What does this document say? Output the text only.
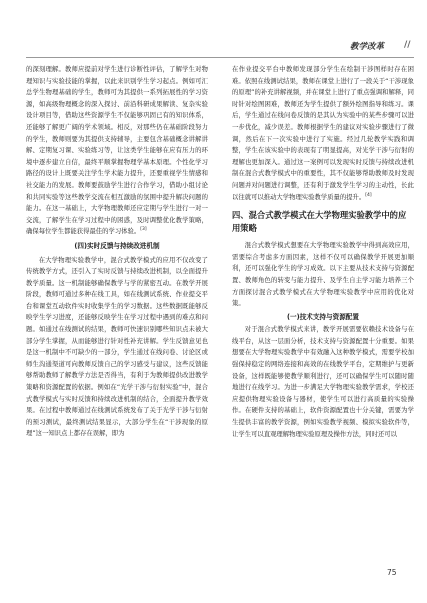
教学改革 //

的深刻理解。教师应提前对学生进行诊断性评估，了解学生对物理知识与实验技能的掌握，以此来识别学生学习起点。例如可汇总学生物理基础的学生，教师可为其提供一系列拓展性的学习资源，如高级物理概念的深入探讨、前沿科研成果解读、复杂实验设计项目等，借助这些资源学生不仅能够巩固已有的知识体系，还能够了解更广阔的学术领域。相反，对那些仍在基础阶段努力的学生，教师则要为其提供支持辅导，主要包含基础概念讲解讲解、定期复习课、实验练习等，让这类学生能够在应有压力的环境中逐步建立自信，最终平顺掌握物理学基本原理。个性化学习路径的设计上既要关注学生学术能力提升，还要重视学生情感和社交能力的发展。教师要鼓励学生进行合作学习，借助小组讨论和共同实验等这些教学交流在相互激励的氛围中提升解决问题的能力。在这一基础上，大学物理教师还应定期与学生进行一对一交流，了解学生在学习过程中的困惑，及时调整优化教学策略，确保每位学生都能获得最佳的学习体验。[3]

(四)实时反馈与持续改进机制

在大学物理实验教学中，混合式教学模式的应用不仅改变了传统教学方式，还引入了实时反馈与持续改进机制，以全面提升教学质量。这一机制能够确保教学与学的紧密互动。在教学开展阶段，教师可通过多种在线工具，如在线测试系统、作业提交平台和课堂互动软件实时收集学生的学习数据。这些数据既能够反映学生学习进度，还能够反映学生在学习过程中遇到的难点和问题。如通过在线测试的结果，教师可快速识别哪些知识点未被大部分学生掌握，从而能够进行针对性补充讲解。学生反馈意见也是这一机制中不可缺少的一部分，学生通过在线问卷、讨论区或师生沟通渠道可向教师反馈自己的学习感受与建议，这些反馈能够帮助教师了解教学方法是否得当，有利于为教师提供改进教学策略和资源配置的依据。例如在“光学干涉与衍射实验”中，混合式教学模式与实时反馈和持续改进机制的结合，全面提升教学效果。在过程中教师通过在线测试系统发布了关于光学干涉与衍射的预习测试，最终测试结果显示，大部分学生在“干涉现象的原理”这一知识点上都存在误解，即为

在作业提交平台中教师发现部分学生在绘制干涉图样时存在困难。依照在线测试结果，教师在课堂上进行了一段关于“干涉现象的原理”的补充讲解视频，并在课堂上进行了重点强调和解释，同时针对绘图困难，教师还为学生提供了额外绘图指导和练习。课后，学生通过在线问卷反馈的是其认为实验中的某些步骤可以进一步优化，减少误差。教师根据学生的建议对实验步骤进行了微调，然后在下一次实验中进行了实施。经过几轮教学实践和调整，学生在该实验中的表现有了明显提高，对光学干涉与衍射的理解也更加深入。通过这一案例可以发现实时反馈与持续改进机制在混合式教学模式中的重要性，其不仅能够帮助教师及时发现问题并对问题进行调整，还有利于激发学生学习的主动性，长此以往就可以推动大学物理实验教学质量的提升。[4]

四、混合式教学模式在大学物理实验教学中的应用策略

混合式教学模式想要在大学物理实验教学中得到高效应用，需要综合考虑多方面因素，这样不仅可以确保教学开展更加顺利，还可以强化学生的学习成效。以下主要从技术支持与资源配置、教师角色的转变与能力提升、及学生自主学习能力培养三个方面探讨混合式教学模式在大学物理实验教学中应用的优化对策。

(一)技术支持与资源配置

对于混合式教学模式来讲，教学开展需要依赖技术设备与在线平台，从这一层面分析，技术支持与资源配置十分重要。如果想要在大学物理实验教学中有效融入这种教学模式，需要学校加强保持稳定的网络连接和高效的在线教学平台，定期维护与更新设备，这样既能够使教学顺利进行，还可以确保学生可以随时随地进行在线学习。为进一步满足大学物理实验教学需求，学校还应提供物理实验设备与器材，使学生可以进行高质量的实验操作。在硬件支持的基础上，软件资源配置也十分关键，需要为学生提供丰富的教学资源，例如实验教学视频、模拟实验软件等，让学生可以直观理解物理实验原理及操作方法，同时还可以

75
